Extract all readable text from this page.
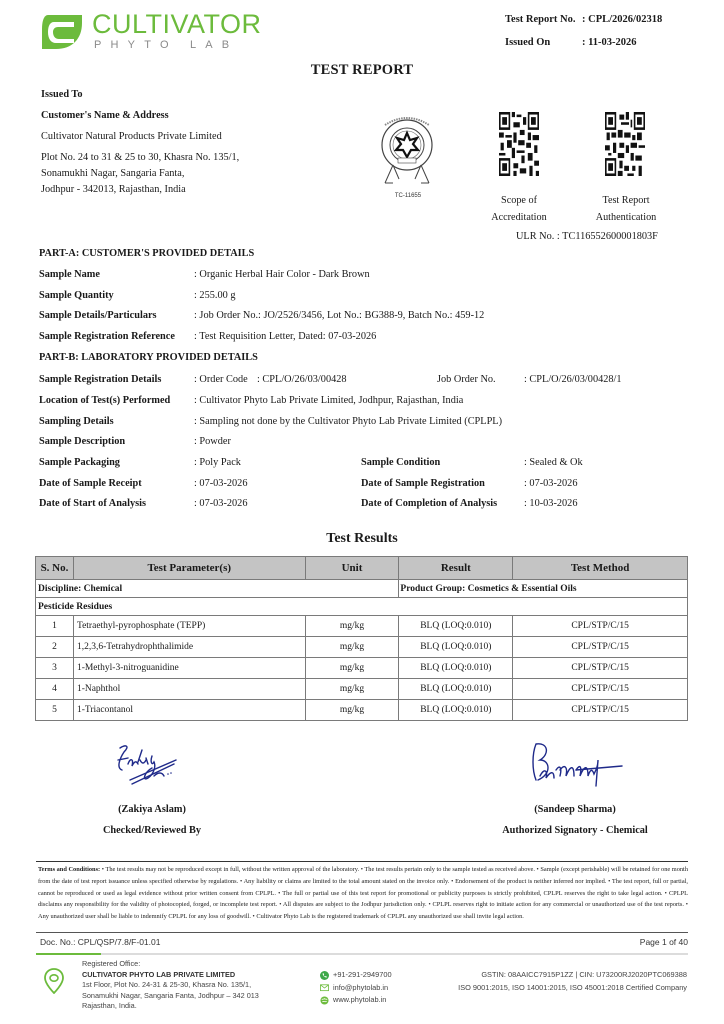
CULTIVATOR
PHYTO LAB
Test Report No. : CPL/2026/02318
Issued On	: 11-03-2026
TEST REPORT
Issued To
Customer's Name & Address
Cultivator Natural Products Private Limited
Plot No. 24 to 31 & 25 to 30, Khasra No. 135/1,
Sonamukhi Nagar, Sangaria Fanta,
Jodhpur - 342013, Rajasthan, India
TC-11655	Scope of
Accreditation
Test Report
Authentication
ULR No. : TC116552600001803F
PART-A: CUSTOMER'S PROVIDED DETAILS
Sample Name	: Organic Herbal Hair Color - Dark Brown
Sample Quantity	: 255.00 g
Sample Details/Particulars	: Job Order No.: JO/2526/3456, Lot No.: BG388-9, Batch No.: 459-12
Sample Registration Reference : Test Requisition Letter, Dated: 07-03-2026
PART-B: LABORATORY PROVIDED DETAILS
Sample Registration Details	: Order Code : CPL/O/26/03/00428	Job Order No.	: CPL/O/26/03/00428/1
Location of Test(s) Performed : Cultivator Phyto Lab Private Limited, Jodhpur, Rajasthan, India
Sampling Details	: Sampling not done by the Cultivator Phyto Lab Private Limited (CPLPL)
Sample Description	: Powder
Sample Packaging	: Poly Pack	Sample Condition	: Sealed & Ok
Date of Sample Receipt	: 07-03-2026	Date of Sample Registration	: 07-03-2026
Date of Start of Analysis	: 07-03-2026	Date of Completion of Analysis	: 10-03-2026
Test Results
S. No.	Test Parameter(s)	Unit	Result	Test Method
Discipline: Chemical			Product Group: Cosmetics & Essential Oils	
Pesticide Residues				
1	Tetraethyl-pyrophosphate (TEPP)	mg/kg	BLQ (LOQ:0.010)	CPL/STP/C/15
2	1,2,3,6-Tetrahydrophthalimide	mg/kg	BLQ (LOQ:0.010)	CPL/STP/C/15
3	1-Methyl-3-nitroguanidine	mg/kg	BLQ (LOQ:0.010)	CPL/STP/C/15
4	1-Naphthol	mg/kg	BLQ (LOQ:0.010)	CPL/STP/C/15
5	1-Triacontanol	mg/kg	BLQ (LOQ:0.010)	CPL/STP/C/15
(Zakiya Aslam)
Checked/Reviewed By
(Sandeep Sharma)
Authorized Signatory - Chemical
Terms and Conditions: • The test results may not be reproduced except in full, without the written approval of the laboratory. • The test results pertain only to the sample tested as received above. • Sample (except perishable) will be retained for one month from the date of test report issuance unless specified otherwise by regulations. • Any liability or claims are limited to the total amount stated on the invoice only. • Endorsement of the product is neither inferred nor implied. • The test report, full or partial, cannot be reproduced or used as legal evidence without prior written consent from CPLPL. • The full or partial use of this test report for promotional or publicity purposes is strictly prohibited, CPLPL reserves the right to take legal action. • CPLPL disclaims any responsibility for the validity of photocopied, forged, or incomplete test report. • All disputes are subject to the Jodhpur jurisdiction only. • CPLPL reserves right to initiate action for any commercial or unauthorized use of the test reports. • Any unauthorized user shall be liable to indemnify CPLPL for any loss of goodwill. • Cultivator Phyto Lab is the registered trademark of CPLPL any unauthorized use shall invite legal action.
Doc. No.: CPL/QSP/7.8/F-01.01	Page 1 of 40
Registered Office:
CULTIVATOR PHYTO LAB PRIVATE LIMITED
1st Floor, Plot No. 24-31 & 25-30, Khasra No. 135/1,
Sonamukhi Nagar, Sangaria Fanta, Jodhpur – 342 013
Rajasthan, India.
+91-291-2949700
info@phytolab.in
www.phytolab.in
GSTIN: 08AAICC7915P1ZZ | CIN: U73200RJ2020PTC069388
ISO 9001:2015, ISO 14001:2015, ISO 45001:2018 Certified Company
